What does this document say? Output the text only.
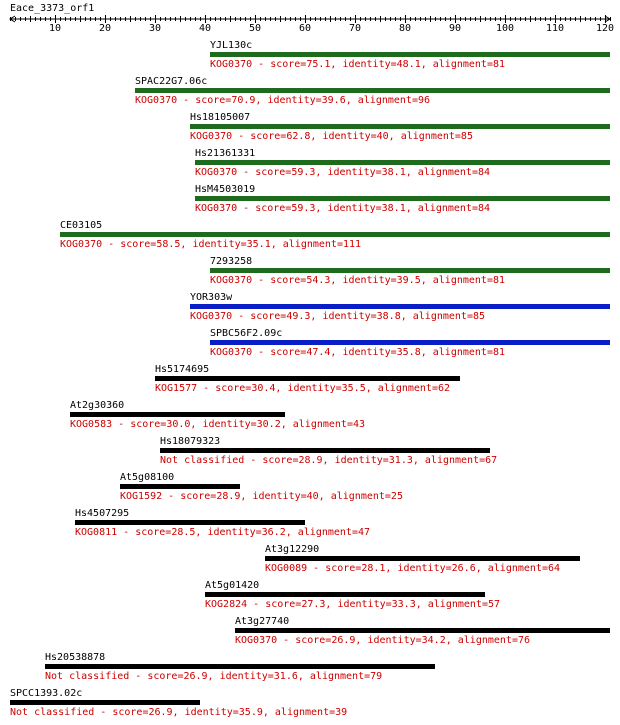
Eace_3373_orf1
10	20	30	40	50	60	70	80	90	100	110	120
YJL130c
KOG0370 - score=75.1, identity=48.1, alignment=81
SPAC22G7.06c
KOG0370 - score=70.9, identity=39.6, alignment=96
Hs18105007
KOG0370 - score=62.8, identity=40, alignment=85
Hs21361331
KOG0370 - score=59.3, identity=38.1, alignment=84
HsM4503019
KOG0370 - score=59.3, identity=38.1, alignment=84
CE03105
KOG0370 - score=58.5, identity=35.1, alignment=111
7293258
KOG0370 - score=54.3, identity=39.5, alignment=81
YOR303w
KOG0370 - score=49.3, identity=38.8, alignment=85
SPBC56F2.09c
KOG0370 - score=47.4, identity=35.8, alignment=81
Hs5174695
KOG1577 - score=30.4, identity=35.5, alignment=62
At2g30360
KOG0583 - score=30.0, identity=30.2, alignment=43
Hs18079323
Not classified - score=28.9, identity=31.3, alignment=67
At5g08100
KOG1592 - score=28.9, identity=40, alignment=25
Hs4507295
KOG0811 - score=28.5, identity=36.2, alignment=47
At3g12290
KOG0089 - score=28.1, identity=26.6, alignment=64
At5g01420
KOG2824 - score=27.3, identity=33.3, alignment=57
At3g27740
KOG0370 - score=26.9, identity=34.2, alignment=76
Hs20538878
Not classified - score=26.9, identity=31.6, alignment=79
SPCC1393.02c
Not classified - score=26.9, identity=35.9, alignment=39
